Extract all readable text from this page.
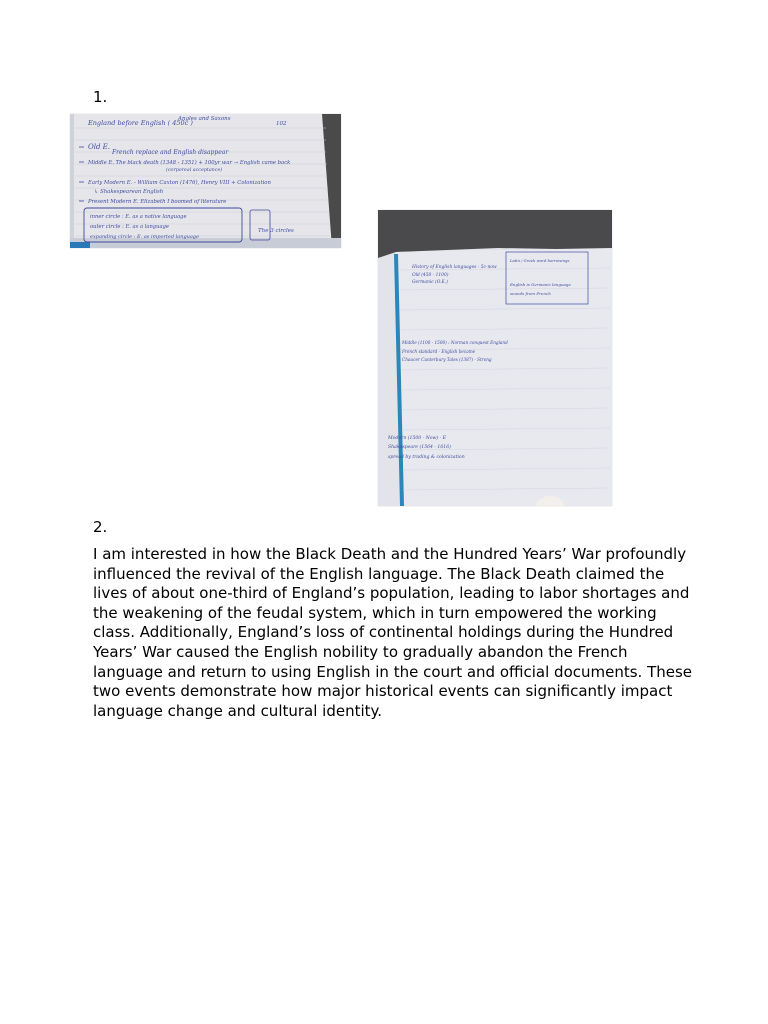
1.
Angles and Saxons
England before English ( 450c )	102
Old E.
French replace and English disappear
Middle E. The black death (1348 - 1351) + 100yr war → English came back
(corporeal acceptance)
Early Modern E. - William Caxton (1476), Henry VIII + Colonization
↳ Shakespearean English
Present Modern E. Elizabeth I boomed of literature
inner circle : E. as a native language
outer circle : E. as a language
expanding circle : E. as imported language
The 3 circles
History of English languages - 5c-now
Old (450 - 1100)
Germanic (O.E.)
Latin / Greek word borrowings
English is Germanic language
sounds from French
Middle (1100 - 1500) : Norman conquest England
French standard - English became
Chaucer Canterbury Tales (1387) - Strong
Modern (1500 - Now) - E
Shakespeare (1564 - 1616)
spread by trading & colonization
2.

I am interested in how the Black Death and the Hundred Years’ War profoundly influenced the revival of the English language. The Black Death claimed the lives of about one-third of England’s population, leading to labor shortages and the weakening of the feudal system, which in turn empowered the working class. Additionally, England’s loss of continental holdings during the Hundred Years’ War caused the English nobility to gradually abandon the French language and return to using English in the court and official documents. These two events demonstrate how major historical events can significantly impact language change and cultural identity.
